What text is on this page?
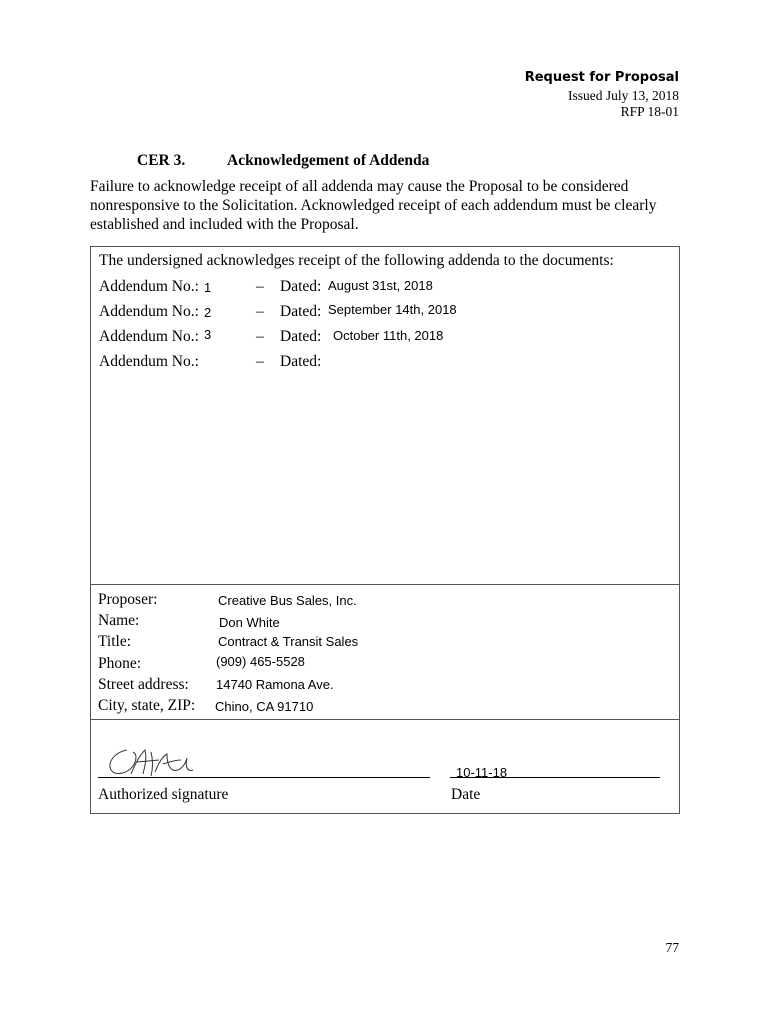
Request for Proposal
Issued July 13, 2018
RFP 18-01
CER 3.	Acknowledgement of Addenda
Failure to acknowledge receipt of all addenda may cause the Proposal to be considered nonresponsive to the Solicitation. Acknowledged receipt of each addendum must be clearly established and included with the Proposal.
The undersigned acknowledges receipt of the following addenda to the documents:
Addendum No.: 1	– Dated: August 31st, 2018
Addendum No.: 2	– Dated: September 14th, 2018
Addendum No.: 3	– Dated: October 11th, 2018
Addendum No.:	– Dated:
Proposer:	Creative Bus Sales, Inc.
Name:	Don White
Title:	Contract & Transit Sales
Phone:	(909) 465-5528
Street address: 14740 Ramona Ave.
City, state, ZIP: Chino, CA 91710
10-11-18
Authorized signature	Date
77
